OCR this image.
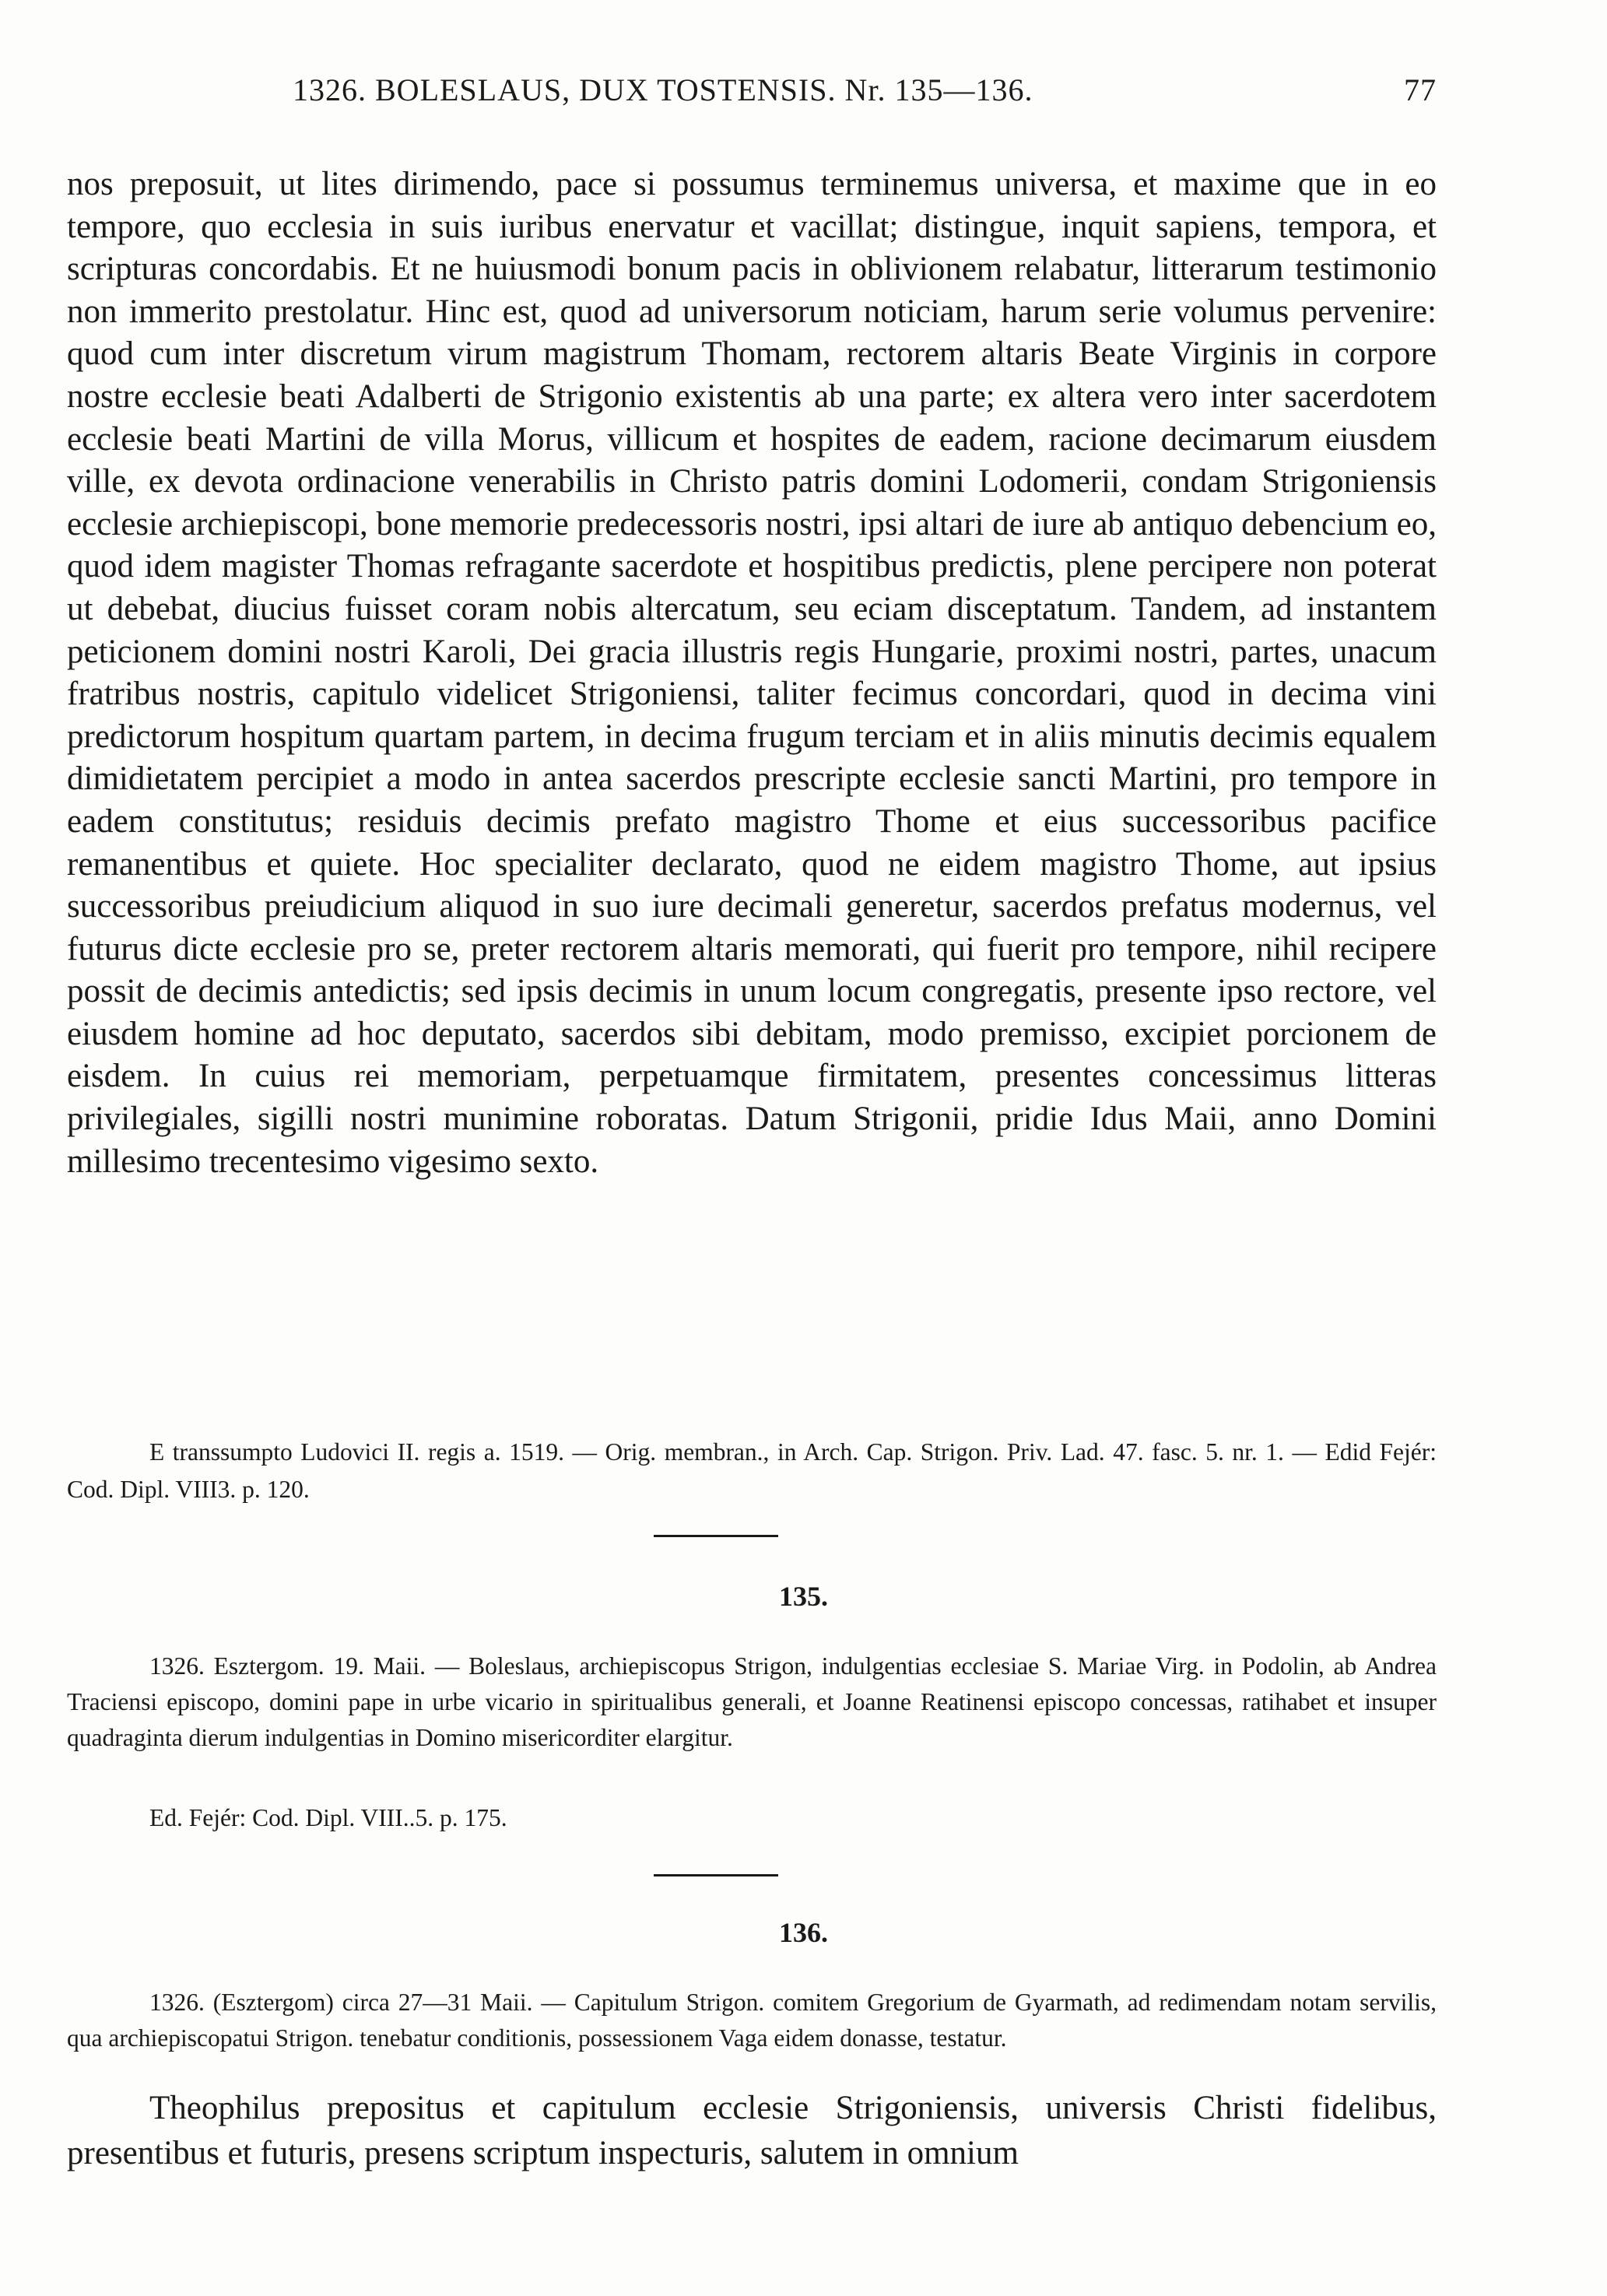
1326. BOLESLAUS, DUX TOSTENSIS. Nr. 135—136.	77

nos preposuit, ut lites dirimendo, pace si possumus terminemus universa, et maxime que in eo tempore, quo ecclesia in suis iuribus enervatur et vacillat; distingue, inquit sapiens, tempora, et scripturas concordabis. Et ne huiusmodi bonum pacis in oblivionem relabatur, litterarum testimonio non immerito prestolatur. Hinc est, quod ad universorum noticiam, harum serie volumus pervenire: quod cum inter discretum virum magistrum Thomam, rectorem altaris Beate Virginis in corpore nostre ecclesie beati Adalberti de Strigonio existentis ab una parte; ex altera vero inter sacerdotem ecclesie beati Martini de villa Morus, villicum et hospites de eadem, racione decimarum eiusdem ville, ex devota ordinacione venerabilis in Christo patris domini Lodomerii, condam Strigoniensis ecclesie archiepiscopi, bone memorie predecessoris nostri, ipsi altari de iure ab antiquo debencium eo, quod idem magister Thomas refragante sacerdote et hospitibus predictis, plene percipere non poterat ut debebat, diucius fuisset coram nobis altercatum, seu eciam disceptatum. Tandem, ad instantem peticionem domini nostri Karoli, Dei gracia illustris regis Hungarie, proximi nostri, partes, unacum fratribus nostris, capitulo videlicet Strigoniensi, taliter fecimus concordari, quod in decima vini predictorum hospitum quartam partem, in decima frugum terciam et in aliis minutis decimis equalem dimidietatem percipiet a modo in antea sacerdos prescripte ecclesie sancti Martini, pro tempore in eadem constitutus; residuis decimis prefato magistro Thome et eius successoribus pacifice remanentibus et quiete. Hoc specialiter declarato, quod ne eidem magistro Thome, aut ipsius successoribus preiudicium aliquod in suo iure decimali generetur, sacerdos prefatus modernus, vel futurus dicte ecclesie pro se, preter rectorem altaris memorati, qui fuerit pro tempore, nihil recipere possit de decimis antedictis; sed ipsis decimis in unum locum congregatis, presente ipso rectore, vel eiusdem homine ad hoc deputato, sacerdos sibi debitam, modo premisso, excipiet porcionem de eisdem. In cuius rei memoriam, perpetuamque firmitatem, presentes concessimus litteras privilegiales, sigilli nostri munimine roboratas. Datum Strigonii, pridie Idus Maii, anno Domini millesimo trecentesimo vigesimo sexto.

E transsumpto Ludovici II. regis a. 1519. — Orig. membran., in Arch. Cap. Strigon. Priv. Lad. 47. fasc. 5. nr. 1. — Edid Fejér: Cod. Dipl. VIII3. p. 120.

135.

1326. Esztergom. 19. Maii. — Boleslaus, archiepiscopus Strigon, indulgentias ecclesiae S. Mariae Virg. in Podolin, ab Andrea Traciensi episcopo, domini pape in urbe vicario in spiritualibus generali, et Joanne Reatinensi episcopo concessas, ratihabet et insuper quadraginta dierum indulgentias in Domino misericorditer elargitur.

Ed. Fejér: Cod. Dipl. VIII..5. p. 175.
136.

1326. (Esztergom) circa 27—31 Maii. — Capitulum Strigon. comitem Gregorium de Gyarmath, ad redimendam notam servilis, qua archiepiscopatui Strigon. tenebatur conditionis, possessionem Vaga eidem donasse, testatur.

Theophilus prepositus et capitulum ecclesie Strigoniensis, universis Christi fidelibus, presentibus et futuris, presens scriptum inspecturis, salutem in omnium
